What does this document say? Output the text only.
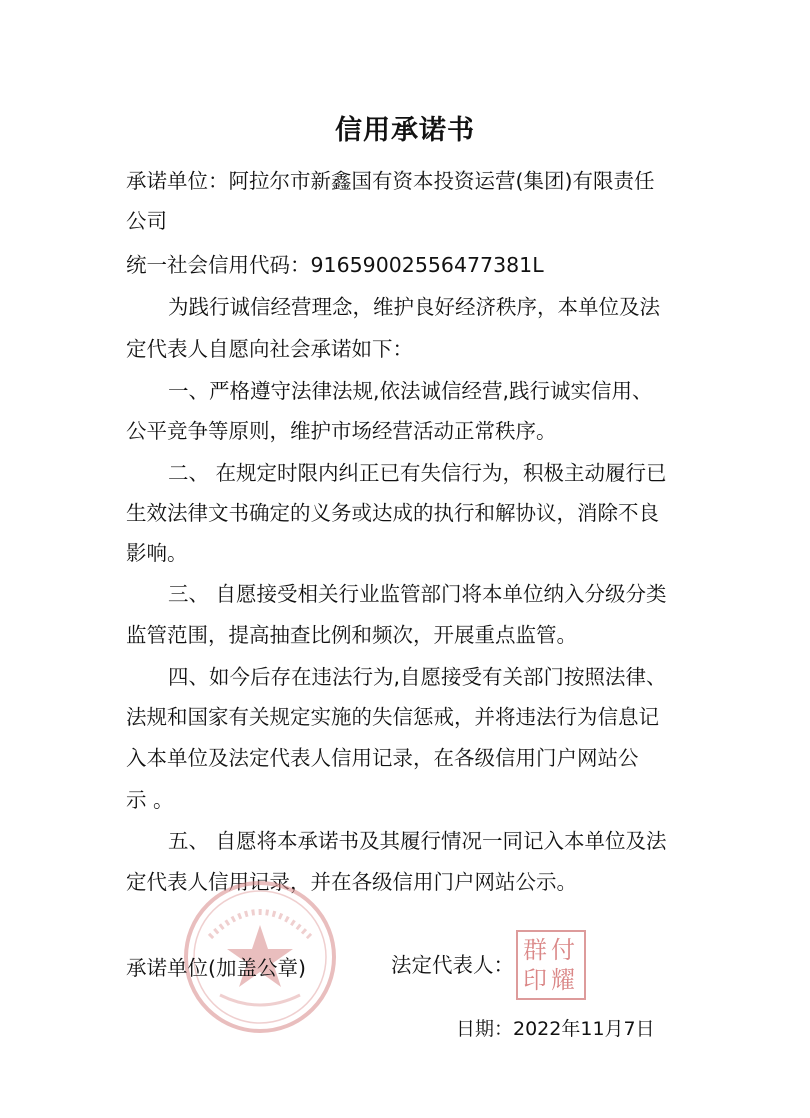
信用承诺书
承诺单位：阿拉尔市新鑫国有资本投资运营(集团)有限责任
公司
统一社会信用代码：91659002556477381L
为践行诚信经营理念，维护良好经济秩序，本单位及法
定代表人自愿向社会承诺如下：
一、严格遵守法律法规,依法诚信经营,践行诚实信用、
公平竞争等原则，维护市场经营活动正常秩序。
二、 在规定时限内纠正已有失信行为，积极主动履行已
生效法律文书确定的义务或达成的执行和解协议，消除不良
影响。
三、 自愿接受相关行业监管部门将本单位纳入分级分类
监管范围，提高抽查比例和频次，开展重点监管。
四、如今后存在违法行为,自愿接受有关部门按照法律、
法规和国家有关规定实施的失信惩戒，并将违法行为信息记
入本单位及法定代表人信用记录，在各级信用门户网站公
示 。
五、 自愿将本承诺书及其履行情况一同记入本单位及法
定代表人信用记录，并在各级信用门户网站公示。
承诺单位(加盖公章)	法定代表人：
群付
印耀
日期：2022年11月7日
